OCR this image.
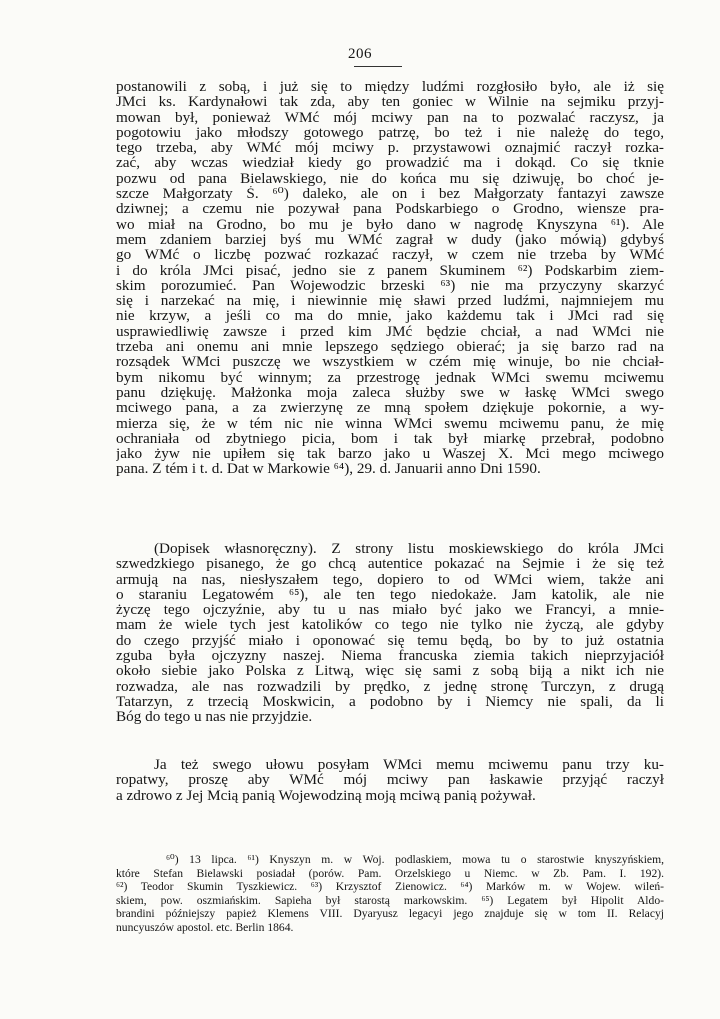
206
postanowili z sobą, i już się to między ludźmi rozgłosiło było, ale iż się
JMci ks. Kardynałowi tak zda, aby ten goniec w Wilnie na sejmiku przyj-
mowan był, ponieważ WMć mój mciwy pan na to pozwalać raczysz, ja
pogotowiu jako młodszy gotowego patrzę, bo też i nie należę do tego,
tego trzeba, aby WMć mój mciwy p. przystawowi oznajmić raczył rozka-
zać, aby wczas wiedział kiedy go prowadzić ma i dokąd. Co się tknie
pozwu od pana Bielawskiego, nie do końca mu się dziwuję, bo choć je-
szcze Małgorzaty Ś. ⁶⁰) daleko, ale on i bez Małgorzaty fantazyi zawsze
dziwnej; a czemu nie pozywał pana Podskarbiego o Grodno, wiensze pra-
wo miał na Grodno, bo mu je było dano w nagrodę Knyszyna ⁶¹). Ale
mem zdaniem barziej byś mu WMć zagrał w dudy (jako mówią) gdybyś
go WMć o liczbę pozwać rozkazać raczył, w czem nie trzeba by WMć
i do króla JMci pisać, jedno sie z panem Skuminem ⁶²) Podskarbim ziem-
skim porozumieć. Pan Wojewodzic brzeski ⁶³) nie ma przyczyny skarzyć
się i narzekać na mię, i niewinnie mię sławi przed ludźmi, najmniejem mu
nie krzyw, a jeśli co ma do mnie, jako każdemu tak i JMci rad się
usprawiedliwię zawsze i przed kim JMć będzie chciał, a nad WMci nie
trzeba ani onemu ani mnie lepszego sędziego obierać; ja się barzo rad na
rozsądek WMci puszczę we wszystkiem w czém mię winuje, bo nie chciał-
bym nikomu być winnym; za przestrogę jednak WMci swemu mciwemu
panu dziękuję. Małżonka moja zaleca służby swe w łaskę WMci swego
mciwego pana, a za zwierzynę ze mną społem dziękuje pokornie, a wy-
mierza się, że w tém nic nie winna WMci swemu mciwemu panu, że mię
ochraniała od zbytniego picia, bom i tak był miarkę przebrał, podobno
jako żyw nie upiłem się tak barzo jako u Waszej X. Mci mego mciwego
pana. Z tém i t. d. Dat w Markowie ⁶⁴), 29. d. Januarii anno Dni 1590.
(Dopisek własnoręczny). Z strony listu moskiewskiego do króla JMci
szwedzkiego pisanego, że go chcą autentice pokazać na Sejmie i że się też
armują na nas, niesłyszałem tego, dopiero to od WMci wiem, także ani
o staraniu Legatowém ⁶⁵), ale ten tego niedokaże. Jam katolik, ale nie
życzę tego ojczyźnie, aby tu u nas miało być jako we Francyi, a mnie-
mam że wiele tych jest katolików co tego nie tylko nie życzą, ale gdyby
do czego przyjść miało i oponować się temu będą, bo by to już ostatnia
zguba była ojczyzny naszej. Niema francuska ziemia takich nieprzyjaciół
około siebie jako Polska z Litwą, więc się sami z sobą biją a nikt ich nie
rozwadza, ale nas rozwadzili by prędko, z jednę stronę Turczyn, z drugą
Tatarzyn, z trzecią Moskwicin, a podobno by i Niemcy nie spali, da li
Bóg do tego u nas nie przyjdzie.
Ja też swego ułowu posyłam WMci memu mciwemu panu trzy ku-
ropatwy, proszę aby WMć mój mciwy pan łaskawie przyjąć raczył
a zdrowo z Jej Mcią panią Wojewodziną moją mciwą panią pożywał.
⁶⁰) 13 lipca. ⁶¹) Knyszyn m. w Woj. podlaskiem, mowa tu o starostwie knyszyńskiem,
które Stefan Bielawski posiadał (porów. Pam. Orzelskiego u Niemc. w Zb. Pam. I. 192).
⁶²) Teodor Skumin Tyszkiewicz. ⁶³) Krzysztof Zienowicz. ⁶⁴) Marków m. w Wojew. wileń-
skiem, pow. oszmiańskim. Sapieha był starostą markowskim. ⁶⁵) Legatem był Hipolit Aldo-
brandini późniejszy papież Klemens VIII. Dyaryusz legacyi jego znajduje się w tom II. Relacyj
nuncyuszów apostol. etc. Berlin 1864.
